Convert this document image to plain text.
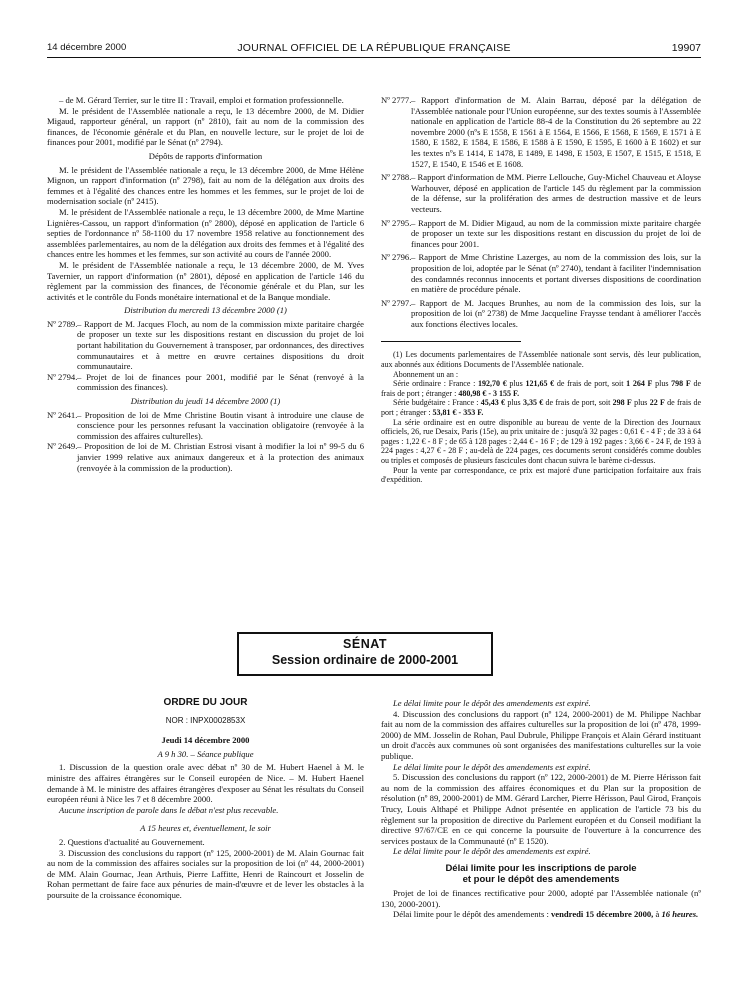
14 décembre 2000	JOURNAL OFFICIEL DE LA RÉPUBLIQUE FRANÇAISE	19907

– de M. Gérard Terrier, sur le titre II : Travail, emploi et formation professionnelle.

M. le président de l'Assemblée nationale a reçu, le 13 décembre 2000, de M. Didier Migaud, rapporteur général, un rapport (nº 2810), fait au nom de la commission des finances, de l'économie générale et du Plan, en nouvelle lecture, sur le projet de loi de finances pour 2001, modifié par le Sénat (nº 2794).

Dépôts de rapports d'information

M. le président de l'Assemblée nationale a reçu, le 13 décembre 2000, de Mme Hélène Mignon, un rapport d'information (nº 2798), fait au nom de la délégation aux droits des femmes et à l'égalité des chances entre les hommes et les femmes, sur le projet de loi de modernisation sociale (nº 2415).

M. le président de l'Assemblée nationale a reçu, le 13 décembre 2000, de Mme Martine Lignières-Cassou, un rapport d'information (nº 2800), déposé en application de l'article 6 septies de l'ordonnance nº 58-1100 du 17 novembre 1958 relative au fonctionnement des assemblées parlementaires, au nom de la délégation aux droits des femmes et à l'égalité des chances entre les hommes et les femmes, sur son activité au cours de l'année 2000.

M. le président de l'Assemblée nationale a reçu, le 13 décembre 2000, de M. Yves Tavernier, un rapport d'information (nº 2801), déposé en application de l'article 146 du règlement par la commission des finances, de l'économie générale et du Plan, sur les activités et le contrôle du Fonds monétaire international et de la Banque mondiale.

Distribution du mercredi 13 décembre 2000 (1)

Nº 2789. – Rapport de M. Jacques Floch, au nom de la commission mixte paritaire chargée de proposer un texte sur les dispositions restant en discussion du projet de loi portant habilitation du Gouvernement à transposer, par ordonnances, des directives communautaires et à mettre en œuvre certaines dispositions du droit communautaire.

Nº 2794. – Projet de loi de finances pour 2001, modifié par le Sénat (renvoyé à la commission des finances).

Distribution du jeudi 14 décembre 2000 (1)

Nº 2641. – Proposition de loi de Mme Christine Boutin visant à introduire une clause de conscience pour les personnes refusant la vaccination obligatoire (renvoyée à la commission des affaires culturelles).

Nº 2649. – Proposition de loi de M. Christian Estrosi visant à modifier la loi nº 99-5 du 6 janvier 1999 relative aux animaux dangereux et à la protection des animaux (renvoyée à la commission de la production).

Nº 2777. – Rapport d'information de M. Alain Barrau, déposé par la délégation de l'Assemblée nationale pour l'Union européenne, sur des textes soumis à l'Assemblée nationale en application de l'article 88-4 de la Constitution du 26 septembre au 22 novembre 2000 (nºs E 1558, E 1561 à E 1564, E 1566, E 1568, E 1569, E 1571 à E 1580, E 1582, E 1584, E 1586, E 1588 à E 1590, E 1595, E 1600 à E 1602) et sur les textes nºs E 1414, E 1478, E 1489, E 1498, E 1503, E 1507, E 1515, E 1518, E 1527, E 1540, E 1546 et E 1608.

Nº 2788. – Rapport d'information de MM. Pierre Lellouche, Guy-Michel Chauveau et Aloyse Warhouver, déposé en application de l'article 145 du règlement par la commission de la défense, sur la prolifération des armes de destruction massive et de leurs vecteurs.

Nº 2795. – Rapport de M. Didier Migaud, au nom de la commission mixte paritaire chargée de proposer un texte sur les dispositions restant en discussion du projet de loi de finances pour 2001.

Nº 2796. – Rapport de Mme Christine Lazerges, au nom de la commission des lois, sur la proposition de loi, adoptée par le Sénat (nº 2740), tendant à faciliter l'indemnisation des condamnés reconnus innocents et portant diverses dispositions de coordination en matière de procédure pénale.

Nº 2797. – Rapport de M. Jacques Brunhes, au nom de la commission des lois, sur la proposition de loi (nº 2738) de Mme Jacqueline Fraysse tendant à améliorer l'accès aux fonctions électives locales.

(1) Les documents parlementaires de l'Assemblée nationale sont servis, dès leur publication, aux abonnés aux éditions Documents de l'Assemblée nationale.

Abonnement un an :

Série ordinaire : France : 192,70 € plus 121,65 € de frais de port, soit 1 264 F plus 798 F de frais de port ; étranger : 480,98 € - 3 155 F.

Série budgétaire : France : 45,43 € plus 3,35 € de frais de port, soit 298 F plus 22 F de frais de port ; étranger : 53,81 € - 353 F.

La série ordinaire est en outre disponible au bureau de vente de la Direction des Journaux officiels, 26, rue Desaix, Paris (15e), au prix unitaire de : jusqu'à 32 pages : 0,61 € - 4 F ; de 33 à 64 pages : 1,22 € - 8 F ; de 65 à 128 pages : 2,44 € - 16 F ; de 129 à 192 pages : 3,66 € - 24 F, de 193 à 224 pages : 4,27 € - 28 F ; au-delà de 224 pages, ces documents seront considérés comme doubles ou triples et composés de plusieurs fascicules dont chacun suivra le barème ci-dessus.

Pour la vente par correspondance, ce prix est majoré d'une participation forfaitaire aux frais d'expédition.

SÉNAT
Session ordinaire de 2000-2001

ORDRE DU JOUR

NOR : INPX0002853X

Jeudi 14 décembre 2000

A 9 h 30. – Séance publique

1. Discussion de la question orale avec débat nº 30 de M. Hubert Haenel à M. le ministre des affaires étrangères sur le Conseil européen de Nice. – M. Hubert Haenel demande à M. le ministre des affaires étrangères d'exposer au Sénat les résultats du Conseil européen réuni à Nice les 7 et 8 décembre 2000.

Aucune inscription de parole dans le débat n'est plus recevable.

A 15 heures et, éventuellement, le soir

2. Questions d'actualité au Gouvernement.

3. Discussion des conclusions du rapport (nº 125, 2000-2001) de M. Alain Gournac fait au nom de la commission des affaires sociales sur la proposition de loi (nº 44, 2000-2001) de MM. Alain Gournac, Jean Arthuis, Pierre Laffitte, Henri de Raincourt et Josselin de Rohan permettant de faire face aux pénuries de main-d'œuvre et de lever les obstacles à la poursuite de la croissance économique.

Le délai limite pour le dépôt des amendements est expiré.

4. Discussion des conclusions du rapport (nº 124, 2000-2001) de M. Philippe Nachbar fait au nom de la commission des affaires culturelles sur la proposition de loi (nº 478, 1999-2000) de MM. Josselin de Rohan, Paul Dubrule, Philippe François et Alain Gérard instituant un droit d'accès aux communes où sont organisées des manifestations culturelles sur la voie publique.

Le délai limite pour le dépôt des amendements est expiré.

5. Discussion des conclusions du rapport (nº 122, 2000-2001) de M. Pierre Hérisson fait au nom de la commission des affaires économiques et du Plan sur la proposition de résolution (nº 89, 2000-2001) de MM. Gérard Larcher, Pierre Hérisson, Paul Girod, François Trucy, Louis Althapé et Philippe Adnot présentée en application de l'article 73 bis du règlement sur la proposition de directive du Parlement européen et du Conseil modifiant la directive 97/67/CE en ce qui concerne la poursuite de l'ouverture à la concurrence des services postaux de la Communauté (nº E 1520).

Le délai limite pour le dépôt des amendements est expiré.

Délai limite pour les inscriptions de parole

et pour le dépôt des amendements

Projet de loi de finances rectificative pour 2000, adopté par l'Assemblée nationale (nº 130, 2000-2001).

Délai limite pour le dépôt des amendements : vendredi 15 décembre 2000, à 16 heures.
